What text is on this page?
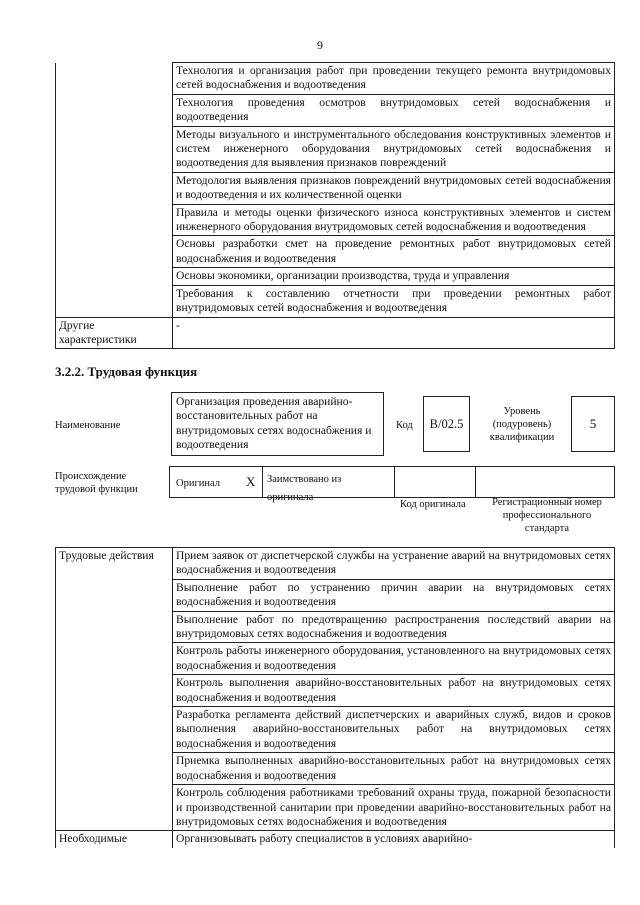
9
	Технология и организация работ при проведении текущего ремонта внутридомовых сетей водоснабжения и водоотведения
	Технология проведения осмотров внутридомовых сетей водоснабжения и водоотведения
	Методы визуального и инструментального обследования конструктивных элементов и систем инженерного оборудования внутридомовых сетей водоснабжения и водоотведения для выявления признаков повреждений
	Методология выявления признаков повреждений внутридомовых сетей водоснабжения и водоотведения и их количественной оценки
	Правила и методы оценки физического износа конструктивных элементов и систем инженерного оборудования внутридомовых сетей водоснабжения и водоотведения
	Основы разработки смет на проведение ремонтных работ внутридомовых сетей водоснабжения и водоотведения
	Основы экономики, организации производства, труда и управления
	Требования к составлению отчетности при проведении ремонтных работ внутридомовых сетей водоснабжения и водоотведения
Другие характеристики	-
3.2.2. Трудовая функция
Наименование
Организация проведения аварийно-восстановительных работ на внутридомовых сетях водоснабжения и водоотведения
Код В/02.5
Уровень (подуровень) квалификации
5
Происхождение трудовой функции
Оригинал X	Заимствовано из оригинала
Код оригинала	Регистрационный номер профессионального стандарта
Трудовые действия	Прием заявок от диспетчерской службы на устранение аварий на внутридомовых сетях водоснабжения и водоотведения
	Выполнение работ по устранению причин аварии на внутридомовых сетях водоснабжения и водоотведения
	Выполнение работ по предотвращению распространения последствий аварии на внутридомовых сетях водоснабжения и водоотведения
	Контроль работы инженерного оборудования, установленного на внутридомовых сетях водоснабжения и водоотведения
	Контроль выполнения аварийно-восстановительных работ на внутридомовых сетях водоснабжения и водоотведения
	Разработка регламента действий диспетчерских и аварийных служб, видов и сроков выполнения аварийно-восстановительных работ на внутридомовых сетях водоснабжения и водоотведения
	Приемка выполненных аварийно-восстановительных работ на внутридомовых сетях водоснабжения и водоотведения
	Контроль соблюдения работниками требований охраны труда, пожарной безопасности и производственной санитарии при проведении аварийно-восстановительных работ на внутридомовых сетях водоснабжения и водоотведения
Необходимые	Организовывать работу специалистов в условиях аварийно-
